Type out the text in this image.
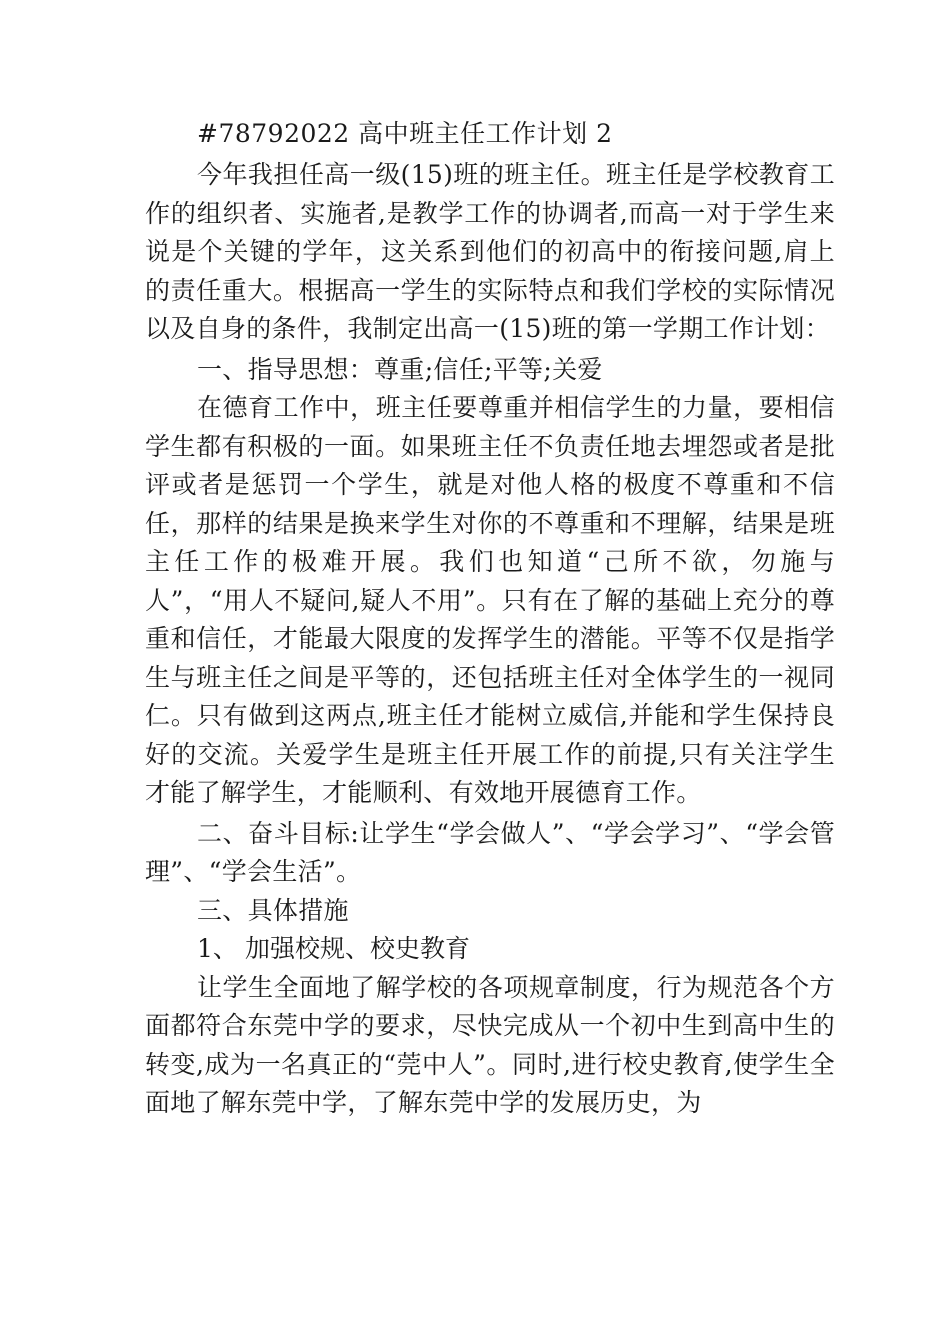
#78792022 高中班主任工作计划 2

今年我担任高一级(15)班的班主任。班主任是学校教育工作的组织者、实施者,是教学工作的协调者,而高一对于学生来说是个关键的学年，这关系到他们的初高中的衔接问题,肩上的责任重大。根据高一学生的实际特点和我们学校的实际情况以及自身的条件，我制定出高一(15)班的第一学期工作计划：

一、指导思想：尊重;信任;平等;关爱

在德育工作中，班主任要尊重并相信学生的力量，要相信学生都有积极的一面。如果班主任不负责任地去埋怨或者是批评或者是惩罚一个学生，就是对他人格的极度不尊重和不信任，那样的结果是换来学生对你的不尊重和不理解，结果是班主任工作的极难开展。我们也知道“己所不欲，勿施与人”，“用人不疑问,疑人不用”。只有在了解的基础上充分的尊重和信任，才能最大限度的发挥学生的潜能。平等不仅是指学生与班主任之间是平等的，还包括班主任对全体学生的一视同仁。只有做到这两点,班主任才能树立威信,并能和学生保持良好的交流。关爱学生是班主任开展工作的前提,只有关注学生才能了解学生，才能顺利、有效地开展德育工作。

二、奋斗目标:让学生“学会做人”、“学会学习”、“学会管理”、“学会生活”。

三、具体措施

1、 加强校规、校史教育

让学生全面地了解学校的各项规章制度，行为规范各个方面都符合东莞中学的要求，尽快完成从一个初中生到高中生的转变,成为一名真正的“莞中人”。同时,进行校史教育,使学生全面地了解东莞中学，了解东莞中学的发展历史，为
